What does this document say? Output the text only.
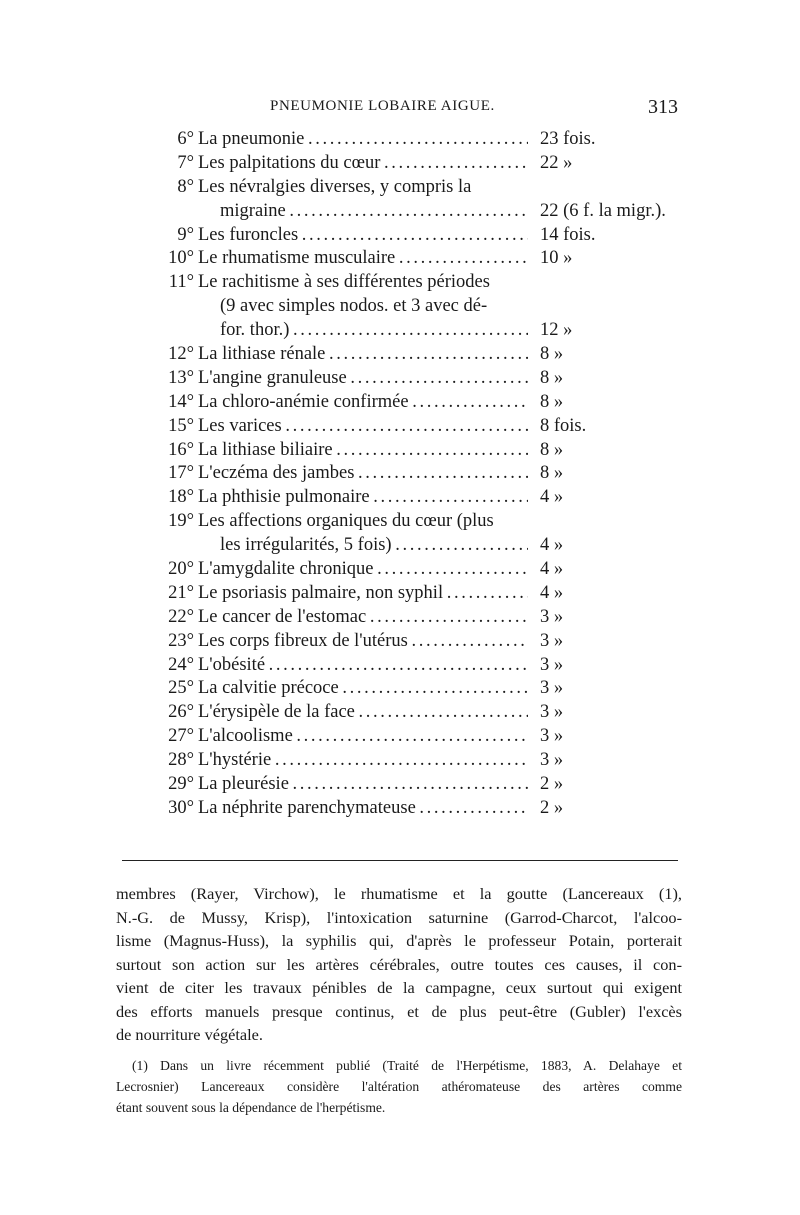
PNEUMONIE LOBAIRE AIGUE.	313
6° La pneumonie . . .	23 fois.
7° Les palpitations du cœur . . .	22 »
8° Les névralgies diverses, y compris la
migraine . . .	22 (6 f. la migr.).
9° Les furoncles . . .	14 fois.
10° Le rhumatisme musculaire . . .	10 »
11° Le rachitisme à ses différentes périodes
(9 avec simples nodos. et 3 avec dé-
for. thor.) . . .	12 »
12° La lithiase rénale . . .	8 »
13° L'angine granuleuse . . .	8 »
14° La chloro-anémie confirmée . . .	8 »
15° Les varices . . .	8 fois.
16° La lithiase biliaire . . .	8 »
17° L'eczéma des jambes . . .	8 »
18° La phthisie pulmonaire . . .	4 »
19° Les affections organiques du cœur (plus
les irrégularités, 5 fois) . . .	4 »
20° L'amygdalite chronique . . .	4 »
21° Le psoriasis palmaire, non syphil . . .	4 »
22° Le cancer de l'estomac . . .	3 »
23° Les corps fibreux de l'utérus . . .	3 »
24° L'obésité . . .	3 »
25° La calvitie précoce . . .	3 »
26° L'érysipèle de la face . . .	3 »
27° L'alcoolisme . . .	3 »
28° L'hystérie . . .	3 »
29° La pleurésie . . .	2 »
30° La néphrite parenchymateuse . . .	2 »
membres (Rayer, Virchow), le rhumatisme et la goutte (Lancereaux (1),
N.-G. de Mussy, Krisp), l'intoxication saturnine (Garrod-Charcot, l'alcoo-
lisme (Magnus-Huss), la syphilis qui, d'après le professeur Potain, porterait
surtout son action sur les artères cérébrales, outre toutes ces causes, il con-
vient de citer les travaux pénibles de la campagne, ceux surtout qui exigent
des efforts manuels presque continus, et de plus peut-être (Gubler) l'excès
de nourriture végétale.
(1) Dans un livre récemment publié (Traité de l'Herpétisme, 1883, A. Delahaye et
Lecrosnier) Lancereaux considère l'altération athéromateuse des artères comme
étant souvent sous la dépendance de l'herpétisme.
